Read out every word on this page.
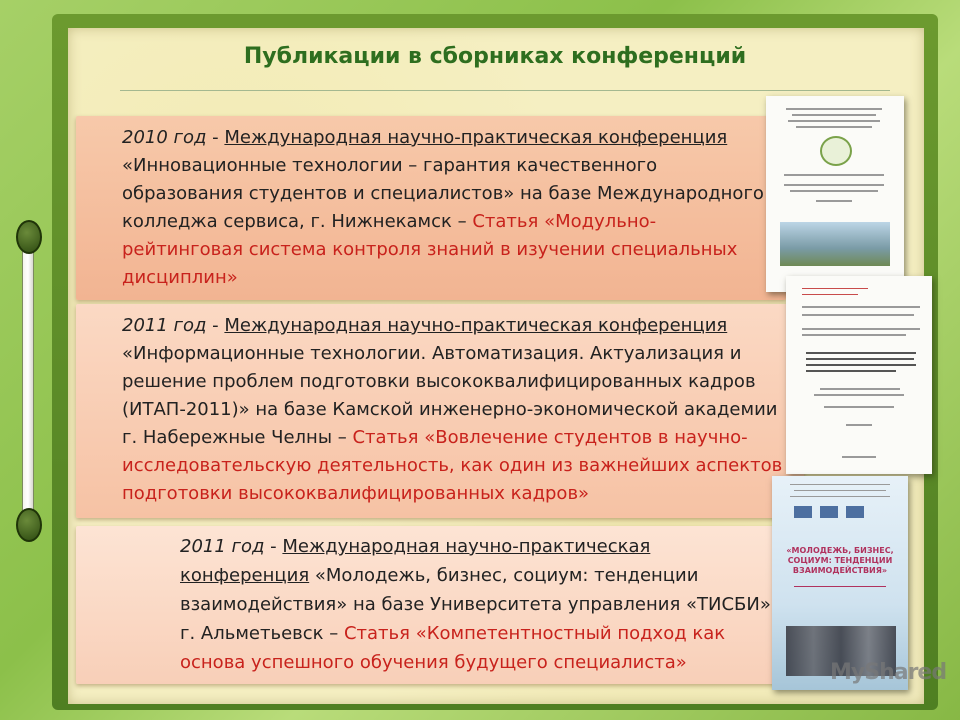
Публикации в сборниках конференций
2010 год - Международная научно-практическая конференция «Инновационные технологии – гарантия качественного образования студентов и специалистов» на базе Международного колледжа сервиса, г. Нижнекамск – Статья «Модульно-рейтинговая система контроля знаний в изучении специальных дисциплин»
2011 год - Международная научно-практическая конференция «Информационные технологии. Автоматизация. Актуализация и решение проблем подготовки высококвалифицированных кадров (ИТАП-2011)» на базе Камской инженерно-экономической академии г. Набережные Челны – Статья «Вовлечение студентов в научно-исследовательскую деятельность, как один из важнейших аспектов подготовки высококвалифицированных кадров»
2011 год - Международная научно-практическая конференция «Молодежь, бизнес, социум: тенденции взаимодействия» на базе Университета управления «ТИСБИ» г. Альметьевск – Статья «Компетентностный подход как основа успешного обучения будущего специалиста»
«МОЛОДЕЖЬ, БИЗНЕС, СОЦИУМ: ТЕНДЕНЦИИ ВЗАИМОДЕЙСТВИЯ»
MyShared
